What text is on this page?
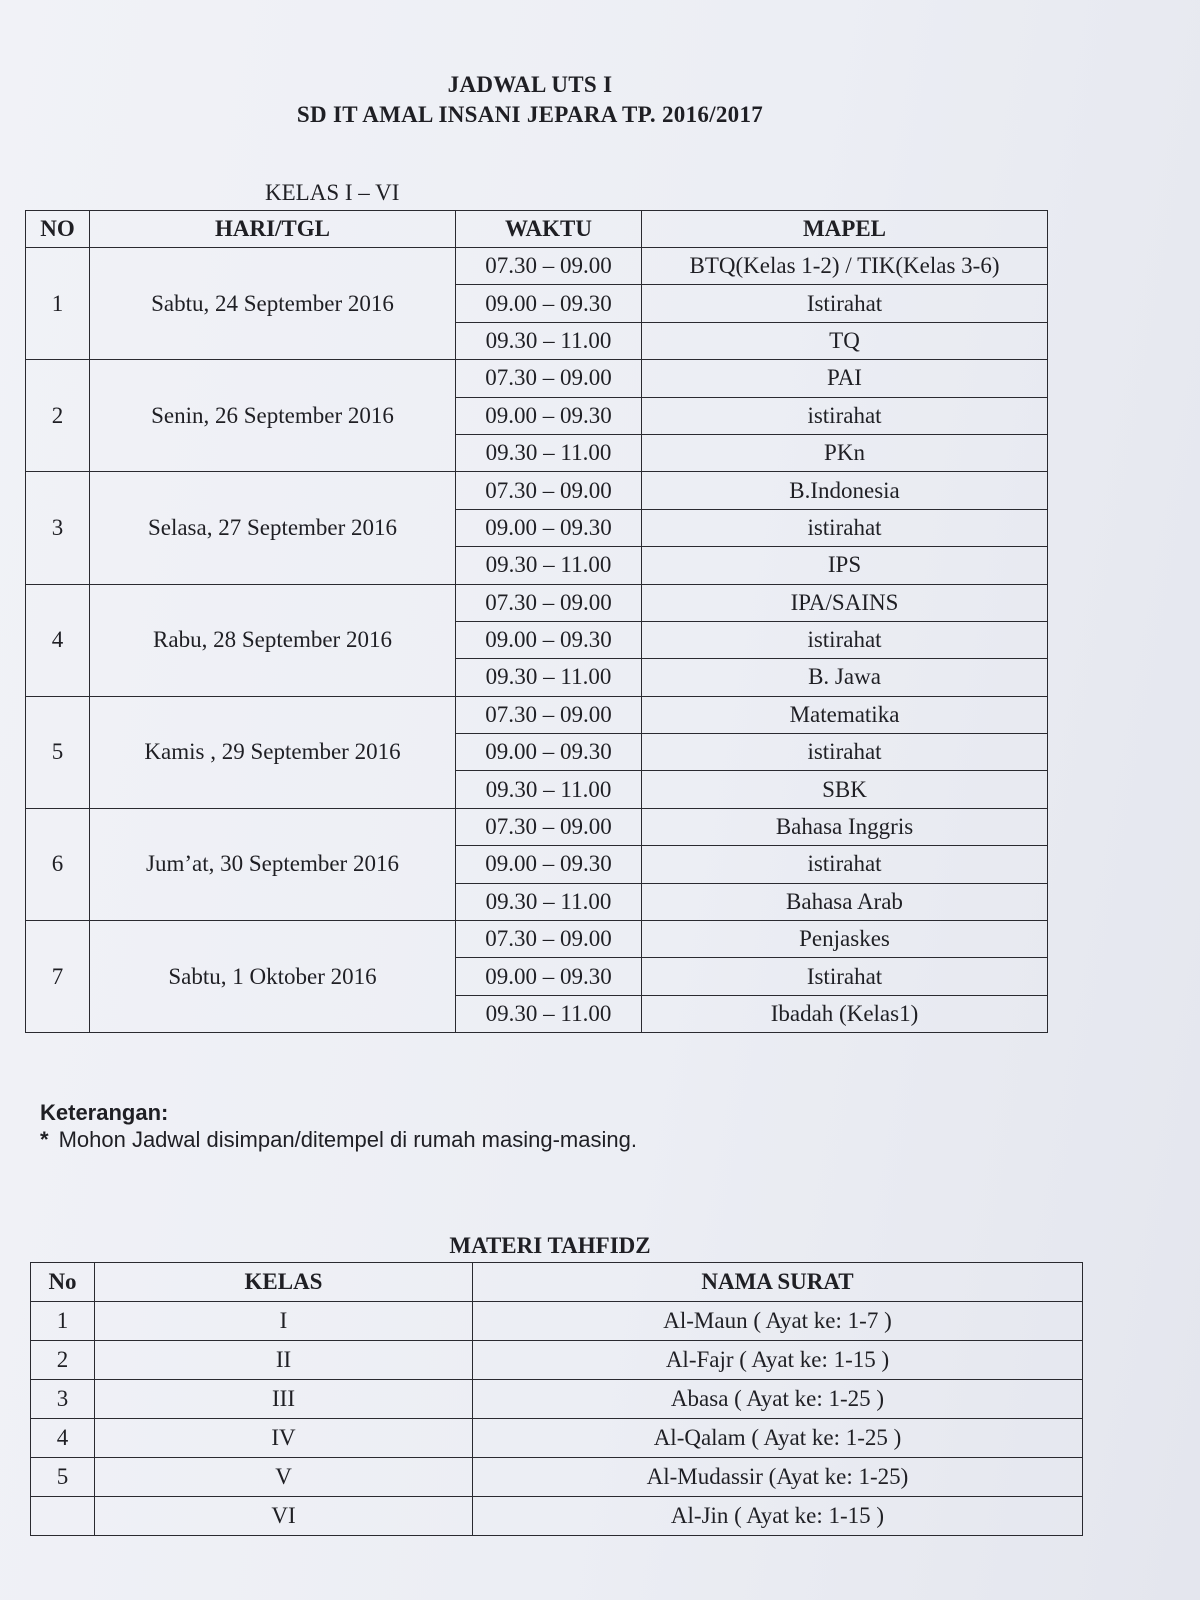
JADWAL UTS I
SD IT AMAL INSANI JEPARA TP. 2016/2017
KELAS I – VI
NO	HARI/TGL	WAKTU	MAPEL
1	Sabtu, 24 September 2016	07.30 – 09.00	BTQ(Kelas 1-2) / TIK(Kelas 3-6)
		09.00 – 09.30	Istirahat
		09.30 – 11.00	TQ
2	Senin, 26 September 2016	07.30 – 09.00	PAI
		09.00 – 09.30	istirahat
		09.30 – 11.00	PKn
3	Selasa, 27 September 2016	07.30 – 09.00	B.Indonesia
		09.00 – 09.30	istirahat
		09.30 – 11.00	IPS
4	Rabu, 28 September 2016	07.30 – 09.00	IPA/SAINS
		09.00 – 09.30	istirahat
		09.30 – 11.00	B. Jawa
5	Kamis , 29 September 2016	07.30 – 09.00	Matematika
		09.00 – 09.30	istirahat
		09.30 – 11.00	SBK
6	Jum’at, 30 September 2016	07.30 – 09.00	Bahasa Inggris
		09.00 – 09.30	istirahat
		09.30 – 11.00	Bahasa Arab
7	Sabtu, 1 Oktober 2016	07.30 – 09.00	Penjaskes
		09.00 – 09.30	Istirahat
		09.30 – 11.00	Ibadah (Kelas1)
Keterangan:
* Mohon Jadwal disimpan/ditempel di rumah masing-masing.
MATERI TAHFIDZ
No	KELAS	NAMA SURAT
1	I	Al-Maun ( Ayat ke: 1-7 )
2	II	Al-Fajr ( Ayat ke: 1-15 )
3	III	Abasa ( Ayat ke: 1-25 )
4	IV	Al-Qalam ( Ayat ke: 1-25 )
5	V	Al-Mudassir (Ayat ke: 1-25)
	VI	Al-Jin ( Ayat ke: 1-15 )
